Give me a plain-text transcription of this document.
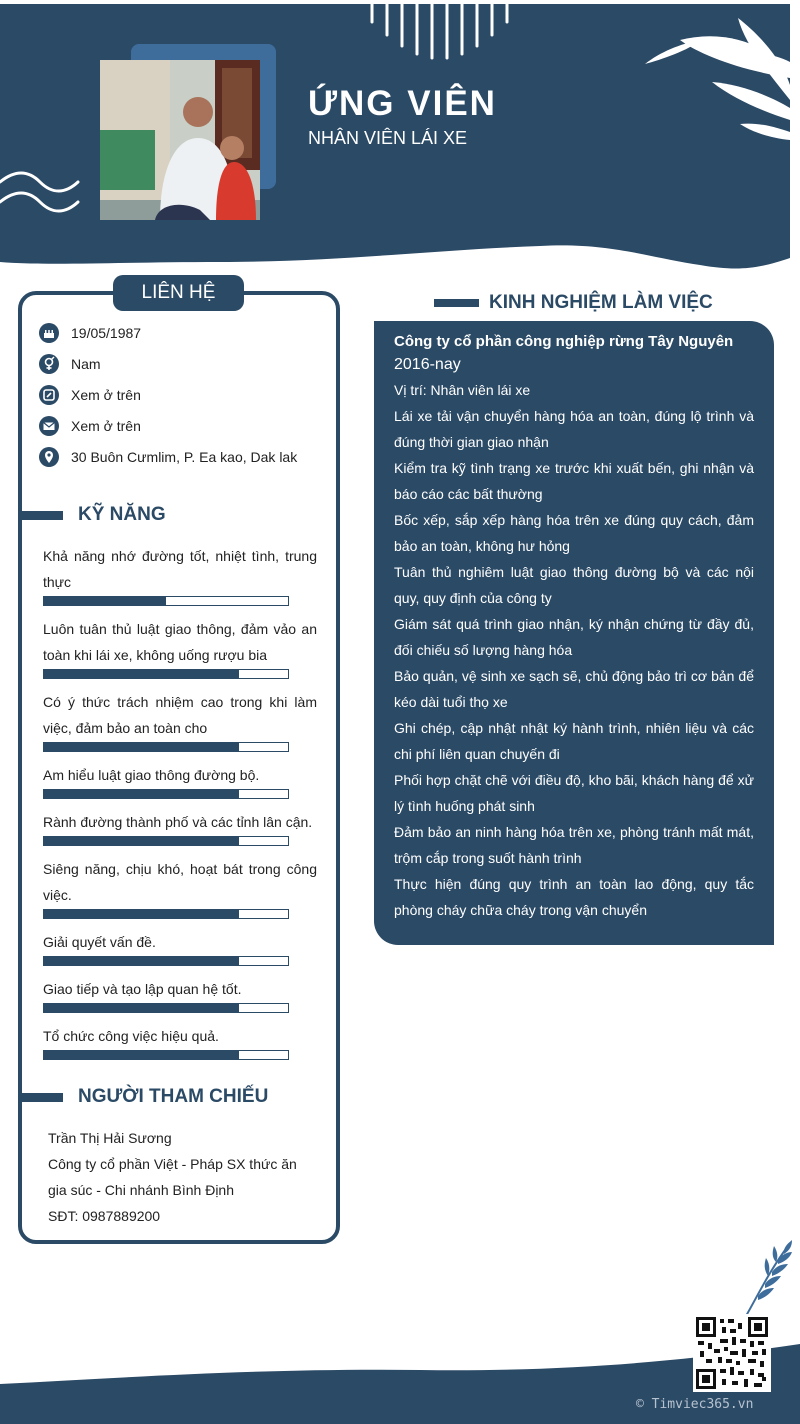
ỨNG VIÊN
NHÂN VIÊN LÁI XE
LIÊN HỆ
19/05/1987
Nam
Xem ở trên
Xem ở trên
30 Buôn Cưmlim, P. Ea kao, Dak lak
KỸ NĂNG
Khả năng nhớ đường tốt, nhiệt tình, trung thực
Luôn tuân thủ luật giao thông, đảm vảo an toàn khi lái xe, không uống rượu bia
Có ý thức trách nhiệm cao trong khi làm việc, đảm bảo an toàn cho
Am hiểu luật giao thông đường bộ.
Rành đường thành phố và các tỉnh lân cận.
Siêng năng, chịu khó, hoạt bát trong công việc.
Giải quyết vấn đề.
Giao tiếp và tạo lập quan hệ tốt.
Tổ chức công việc hiệu quả.
NGƯỜI THAM CHIẾU
Trần Thị Hải Sương
Công ty cổ phần Việt - Pháp SX thức ăn gia súc - Chi nhánh Bình Định
SĐT: 0987889200
KINH NGHIỆM LÀM VIỆC
Công ty cổ phần công nghiệp rừng Tây Nguyên
2016-nay
Vị trí: Nhân viên lái xe
Lái xe tải vận chuyển hàng hóa an toàn, đúng lộ trình và đúng thời gian giao nhận
Kiểm tra kỹ tình trạng xe trước khi xuất bến, ghi nhận và báo cáo các bất thường
Bốc xếp, sắp xếp hàng hóa trên xe đúng quy cách, đảm bảo an toàn, không hư hỏng
Tuân thủ nghiêm luật giao thông đường bộ và các nội quy, quy định của công ty
Giám sát quá trình giao nhận, ký nhận chứng từ đầy đủ, đối chiếu số lượng hàng hóa
Bảo quản, vệ sinh xe sạch sẽ, chủ động bảo trì cơ bản để kéo dài tuổi thọ xe
Ghi chép, cập nhật nhật ký hành trình, nhiên liệu và các chi phí liên quan chuyến đi
Phối hợp chặt chẽ với điều độ, kho bãi, khách hàng để xử lý tình huống phát sinh
Đảm bảo an ninh hàng hóa trên xe, phòng tránh mất mát, trộm cắp trong suốt hành trình
Thực hiện đúng quy trình an toàn lao động, quy tắc phòng cháy chữa cháy trong vận chuyển
© Timviec365.vn
